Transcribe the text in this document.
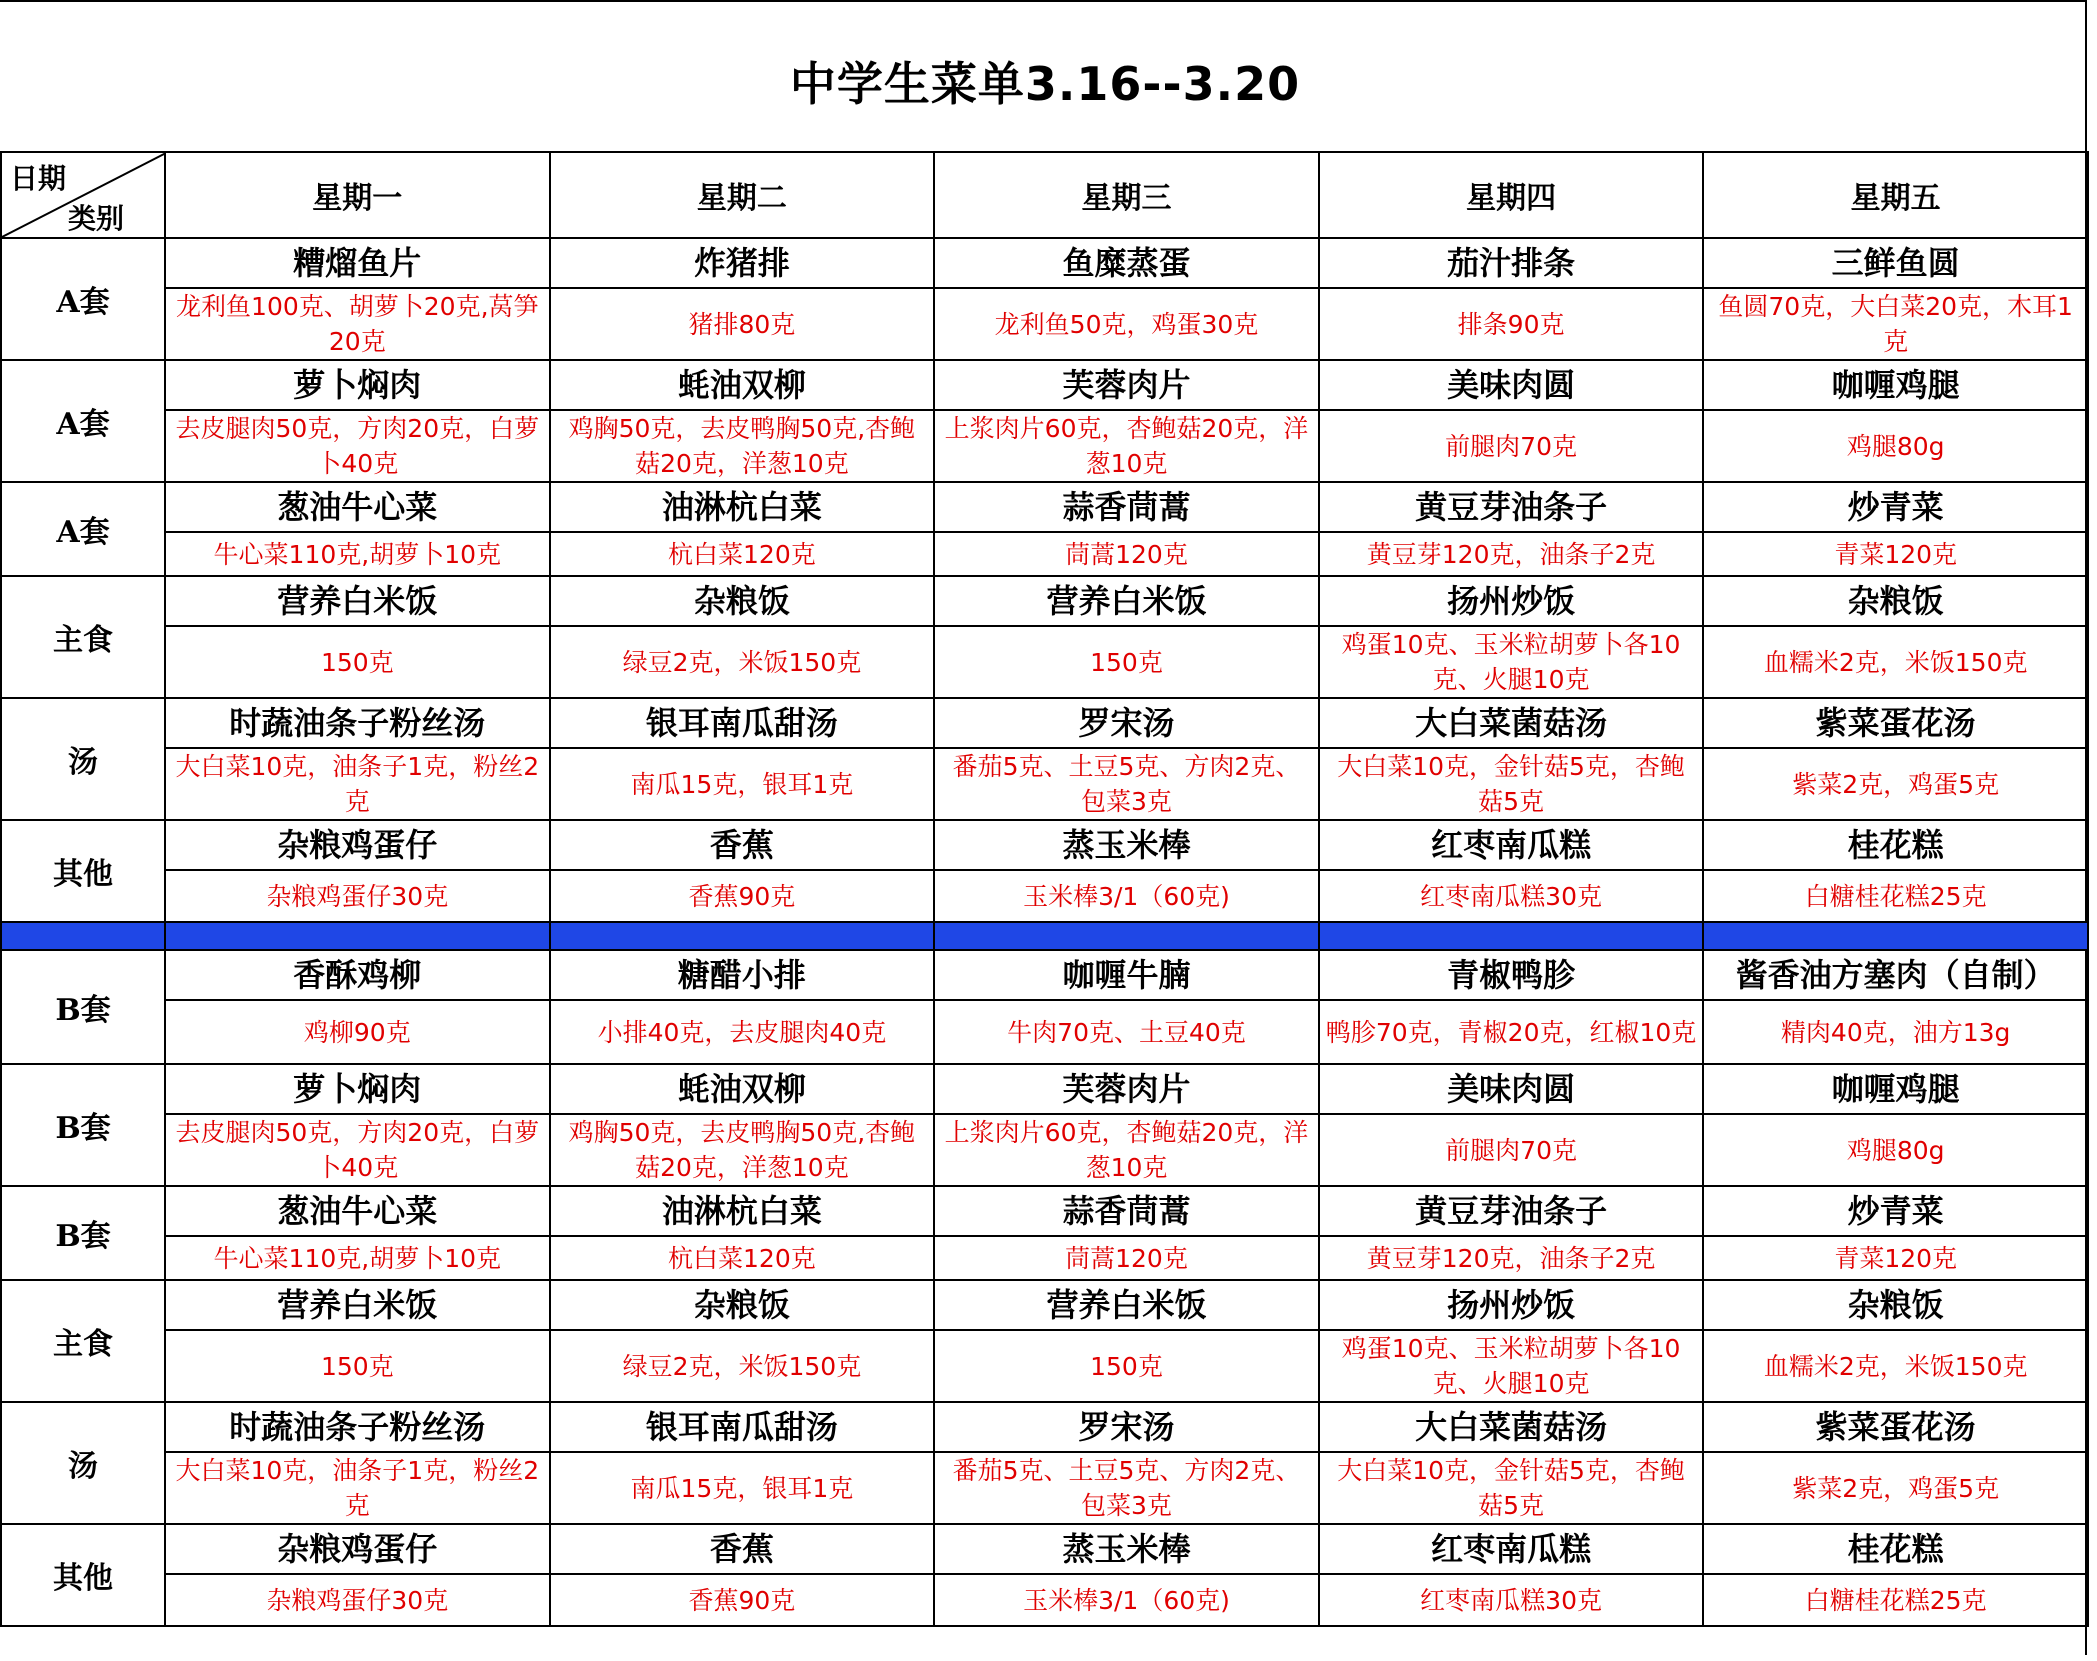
中学生菜单3.16--3.20
日期
类别	星期一	星期二	星期三	星期四	星期五
A套	糟熘鱼片	炸猪排	鱼糜蒸蛋	茄汁排条	三鲜鱼圆
	龙利鱼100克、胡萝卜20克,莴笋20克	猪排80克	龙利鱼50克，鸡蛋30克	排条90克	鱼圆70克，大白菜20克，木耳1克
A套	萝卜焖肉	蚝油双柳	芙蓉肉片	美味肉圆	咖喱鸡腿
	去皮腿肉50克，方肉20克，白萝卜40克	鸡胸50克，去皮鸭胸50克,杏鲍菇20克，洋葱10克	上浆肉片60克，杏鲍菇20克，洋葱10克	前腿肉70克	鸡腿80g
A套	葱油牛心菜	油淋杭白菜	蒜香茼蒿	黄豆芽油条子	炒青菜
	牛心菜110克,胡萝卜10克	杭白菜120克	茼蒿120克	黄豆芽120克，油条子2克	青菜120克
主食	营养白米饭	杂粮饭	营养白米饭	扬州炒饭	杂粮饭
	150克	绿豆2克，米饭150克	150克	鸡蛋10克、玉米粒胡萝卜各10克、火腿10克	血糯米2克，米饭150克
汤	时蔬油条子粉丝汤	银耳南瓜甜汤	罗宋汤	大白菜菌菇汤	紫菜蛋花汤
	大白菜10克，油条子1克，粉丝2克	南瓜15克，银耳1克	番茄5克、土豆5克、方肉2克、包菜3克	大白菜10克，金针菇5克，杏鲍菇5克	紫菜2克，鸡蛋5克
其他	杂粮鸡蛋仔	香蕉	蒸玉米棒	红枣南瓜糕	桂花糕
	杂粮鸡蛋仔30克	香蕉90克	玉米棒3/1（60克)	红枣南瓜糕30克	白糖桂花糕25克

B套	香酥鸡柳	糖醋小排	咖喱牛腩	青椒鸭胗	酱香油方塞肉（自制）
	鸡柳90克	小排40克，去皮腿肉40克	牛肉70克、土豆40克	鸭胗70克，青椒20克，红椒10克	精肉40克，油方13g
B套	萝卜焖肉	蚝油双柳	芙蓉肉片	美味肉圆	咖喱鸡腿
	去皮腿肉50克，方肉20克，白萝卜40克	鸡胸50克，去皮鸭胸50克,杏鲍菇20克，洋葱10克	上浆肉片60克，杏鲍菇20克，洋葱10克	前腿肉70克	鸡腿80g
B套	葱油牛心菜	油淋杭白菜	蒜香茼蒿	黄豆芽油条子	炒青菜
	牛心菜110克,胡萝卜10克	杭白菜120克	茼蒿120克	黄豆芽120克，油条子2克	青菜120克
主食	营养白米饭	杂粮饭	营养白米饭	扬州炒饭	杂粮饭
	150克	绿豆2克，米饭150克	150克	鸡蛋10克、玉米粒胡萝卜各10克、火腿10克	血糯米2克，米饭150克
汤	时蔬油条子粉丝汤	银耳南瓜甜汤	罗宋汤	大白菜菌菇汤	紫菜蛋花汤
	大白菜10克，油条子1克，粉丝2克	南瓜15克，银耳1克	番茄5克、土豆5克、方肉2克、包菜3克	大白菜10克，金针菇5克，杏鲍菇5克	紫菜2克，鸡蛋5克
其他	杂粮鸡蛋仔	香蕉	蒸玉米棒	红枣南瓜糕	桂花糕
	杂粮鸡蛋仔30克	香蕉90克	玉米棒3/1（60克)	红枣南瓜糕30克	白糖桂花糕25克
